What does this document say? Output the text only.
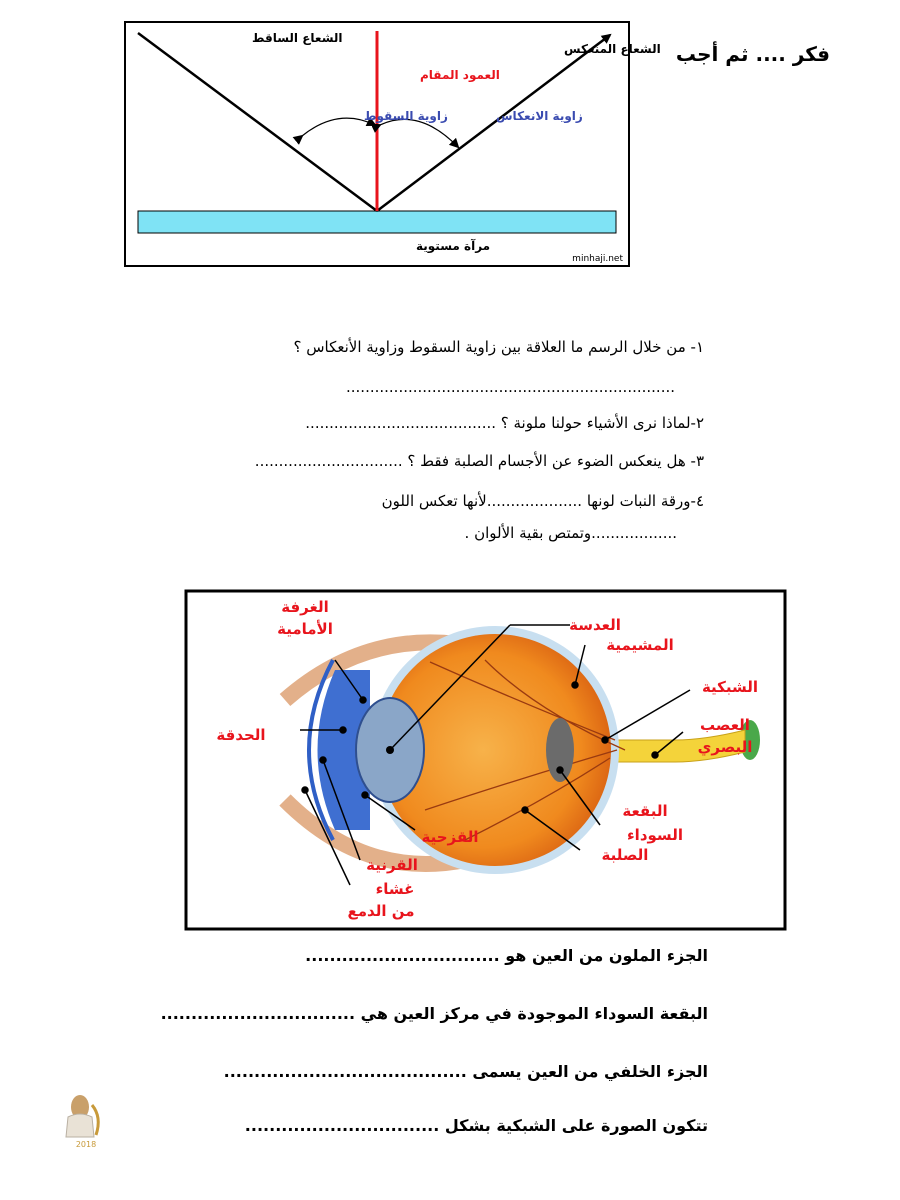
فكر .... ثم أجب
الشعاع الساقط
الشعاع المنعكس
العمود المقام
زاوية السقوط	زاوية الانعكاس
مرآة مستوية
minhaji.net
١- من خلال الرسم ما العلاقة بين زاوية السقوط وزاوية الأنعكاس ؟
.....................................................................
٢-لماذا نرى الأشياء حولنا ملونة ؟ ........................................
٣- هل ينعكس الضوء عن الأجسام الصلبة فقط ؟ ...............................
٤-ورقة النبات لونها ....................لأنها تعكس اللون
..................وتمتص بقية الألوان .
الغرفة
الأمامية	العدسة
المشيمية
الشبكية
العصب
البصري
الحدقة
القزحية
القرنية
غشاء
من الدمع
الصلبة
البقعة
السوداء
الجزء الملون من العين هو ................................
البقعة السوداء الموجودة في مركز العين هي ................................
الجزء الخلفي من العين يسمى ........................................
تتكون الصورة على الشبكية بشكل ................................
2018
